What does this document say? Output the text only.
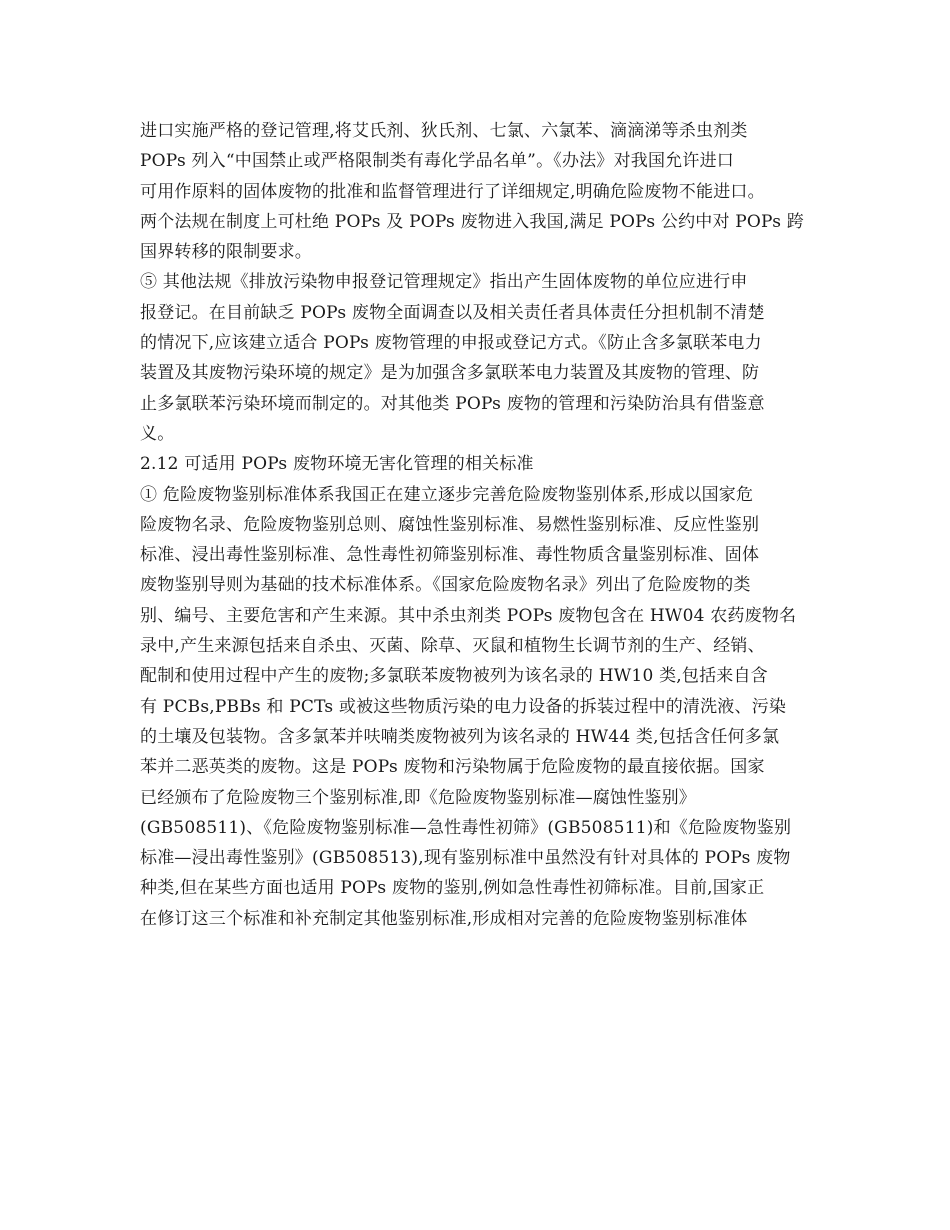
进口实施严格的登记管理,将艾氏剂、狄氏剂、七氯、六氯苯、滴滴涕等杀虫剂类
POPs 列入“中国禁止或严格限制类有毒化学品名单”。《办法》对我国允许进口
可用作原料的固体废物的批准和监督管理进行了详细规定,明确危险废物不能进口。
两个法规在制度上可杜绝 POPs 及 POPs 废物进入我国,满足 POPs 公约中对 POPs 跨
国界转移的限制要求。
⑤ 其他法规《排放污染物申报登记管理规定》指出产生固体废物的单位应进行申
报登记。在目前缺乏 POPs 废物全面调查以及相关责任者具体责任分担机制不清楚
的情况下,应该建立适合 POPs 废物管理的申报或登记方式。《防止含多氯联苯电力
装置及其废物污染环境的规定》是为加强含多氯联苯电力装置及其废物的管理、防
止多氯联苯污染环境而制定的。对其他类 POPs 废物的管理和污染防治具有借鉴意
义。
2.12 可适用 POPs 废物环境无害化管理的相关标准
① 危险废物鉴别标准体系我国正在建立逐步完善危险废物鉴别体系,形成以国家危
险废物名录、危险废物鉴别总则、腐蚀性鉴别标准、易燃性鉴别标准、反应性鉴别
标准、浸出毒性鉴别标准、急性毒性初筛鉴别标准、毒性物质含量鉴别标准、固体
废物鉴别导则为基础的技术标准体系。《国家危险废物名录》列出了危险废物的类
别、编号、主要危害和产生来源。其中杀虫剂类 POPs 废物包含在 HW04 农药废物名
录中,产生来源包括来自杀虫、灭菌、除草、灭鼠和植物生长调节剂的生产、经销、
配制和使用过程中产生的废物;多氯联苯废物被列为该名录的 HW10 类,包括来自含
有 PCBs,PBBs 和 PCTs 或被这些物质污染的电力设备的拆装过程中的清洗液、污染
的土壤及包装物。含多氯苯并呋喃类废物被列为该名录的 HW44 类,包括含任何多氯
苯并二恶英类的废物。这是 POPs 废物和污染物属于危险废物的最直接依据。国家
已经颁布了危险废物三个鉴别标准,即《危险废物鉴别标准—腐蚀性鉴别》
(GB508511)、《危险废物鉴别标准—急性毒性初筛》(GB508511)和《危险废物鉴别
标准—浸出毒性鉴别》(GB508513),现有鉴别标准中虽然没有针对具体的 POPs 废物
种类,但在某些方面也适用 POPs 废物的鉴别,例如急性毒性初筛标准。目前,国家正
在修订这三个标准和补充制定其他鉴别标准,形成相对完善的危险废物鉴别标准体
